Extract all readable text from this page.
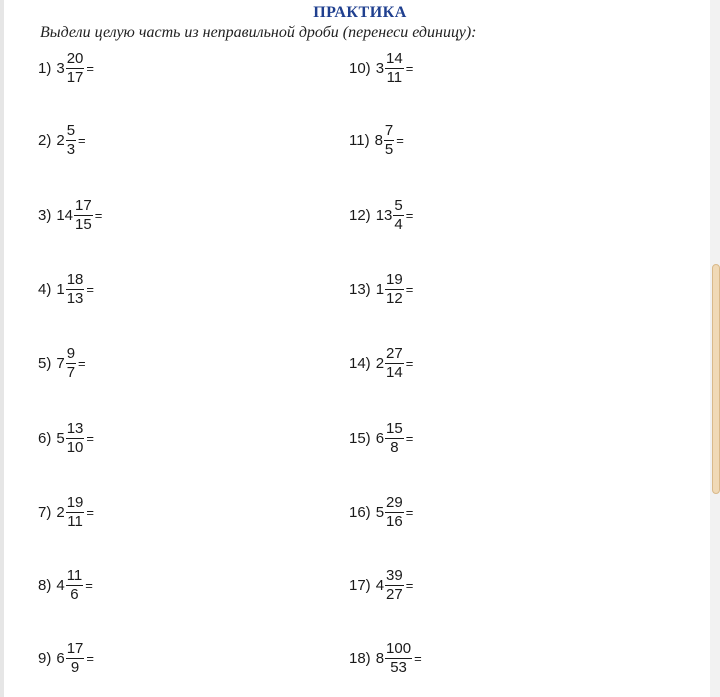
ПРАКТИКА
Выдели целую часть из неправильной дроби (перенеси единицу):
1) $3 \frac{20}{17}$ =
2) $2 \frac{5}{3}$ =
3) $14 \frac{17}{15}$ =
4) $1 \frac{18}{13}$ =
5) $7 \frac{9}{7}$ =
6) $5 \frac{13}{10}$ =
7) $2 \frac{19}{11}$ =
8) $4 \frac{11}{6}$ =
9) $6 \frac{17}{9}$ =
10) $3 \frac{14}{11}$ =
11) $8 \frac{7}{5}$ =
12) $13 \frac{5}{4}$ =
13) $1 \frac{19}{12}$ =
14) $2 \frac{27}{14}$ =
15) $6 \frac{15}{8}$ =
16) $5 \frac{29}{16}$ =
17) $4 \frac{39}{27}$ =
18) $8 \frac{100}{53}$ =
